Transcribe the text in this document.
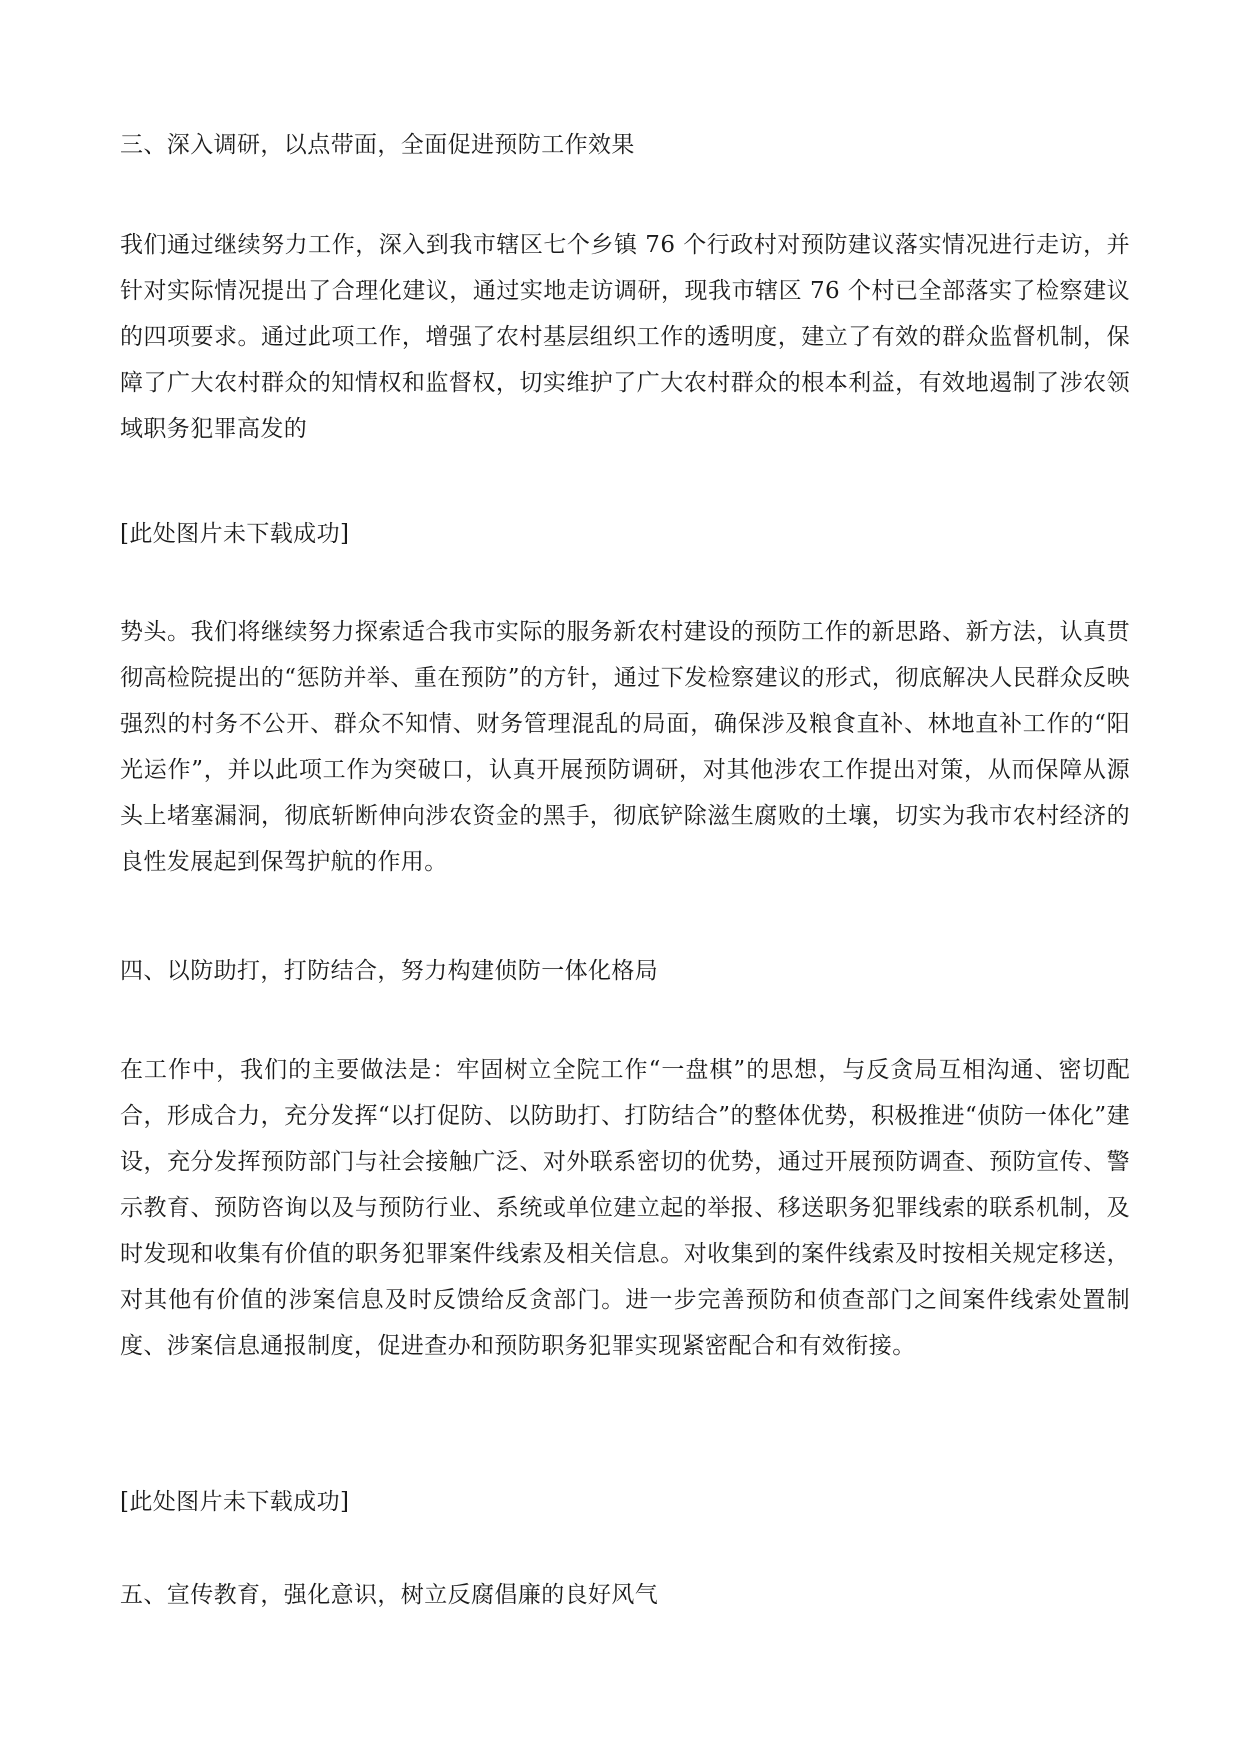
三、深入调研，以点带面，全面促进预防工作效果

我们通过继续努力工作，深入到我市辖区七个乡镇 76 个行政村对预防建议落实情况进行走访，并针对实际情况提出了合理化建议，通过实地走访调研，现我市辖区 76 个村已全部落实了检察建议的四项要求。通过此项工作，增强了农村基层组织工作的透明度，建立了有效的群众监督机制，保障了广大农村群众的知情权和监督权，切实维护了广大农村群众的根本利益，有效地遏制了涉农领域职务犯罪高发的

[此处图片未下载成功]

势头。我们将继续努力探索适合我市实际的服务新农村建设的预防工作的新思路、新方法，认真贯彻高检院提出的“惩防并举、重在预防”的方针，通过下发检察建议的形式，彻底解决人民群众反映强烈的村务不公开、群众不知情、财务管理混乱的局面，确保涉及粮食直补、林地直补工作的“阳光运作”，并以此项工作为突破口，认真开展预防调研，对其他涉农工作提出对策，从而保障从源头上堵塞漏洞，彻底斩断伸向涉农资金的黑手，彻底铲除滋生腐败的土壤，切实为我市农村经济的良性发展起到保驾护航的作用。

四、以防助打，打防结合，努力构建侦防一体化格局

在工作中，我们的主要做法是：牢固树立全院工作“一盘棋”的思想，与反贪局互相沟通、密切配合，形成合力，充分发挥“以打促防、以防助打、打防结合”的整体优势，积极推进“侦防一体化”建设，充分发挥预防部门与社会接触广泛、对外联系密切的优势，通过开展预防调查、预防宣传、警示教育、预防咨询以及与预防行业、系统或单位建立起的举报、移送职务犯罪线索的联系机制，及时发现和收集有价值的职务犯罪案件线索及相关信息。对收集到的案件线索及时按相关规定移送，对其他有价值的涉案信息及时反馈给反贪部门。进一步完善预防和侦查部门之间案件线索处置制度、涉案信息通报制度，促进查办和预防职务犯罪实现紧密配合和有效衔接。

[此处图片未下载成功]

五、宣传教育，强化意识，树立反腐倡廉的良好风气
